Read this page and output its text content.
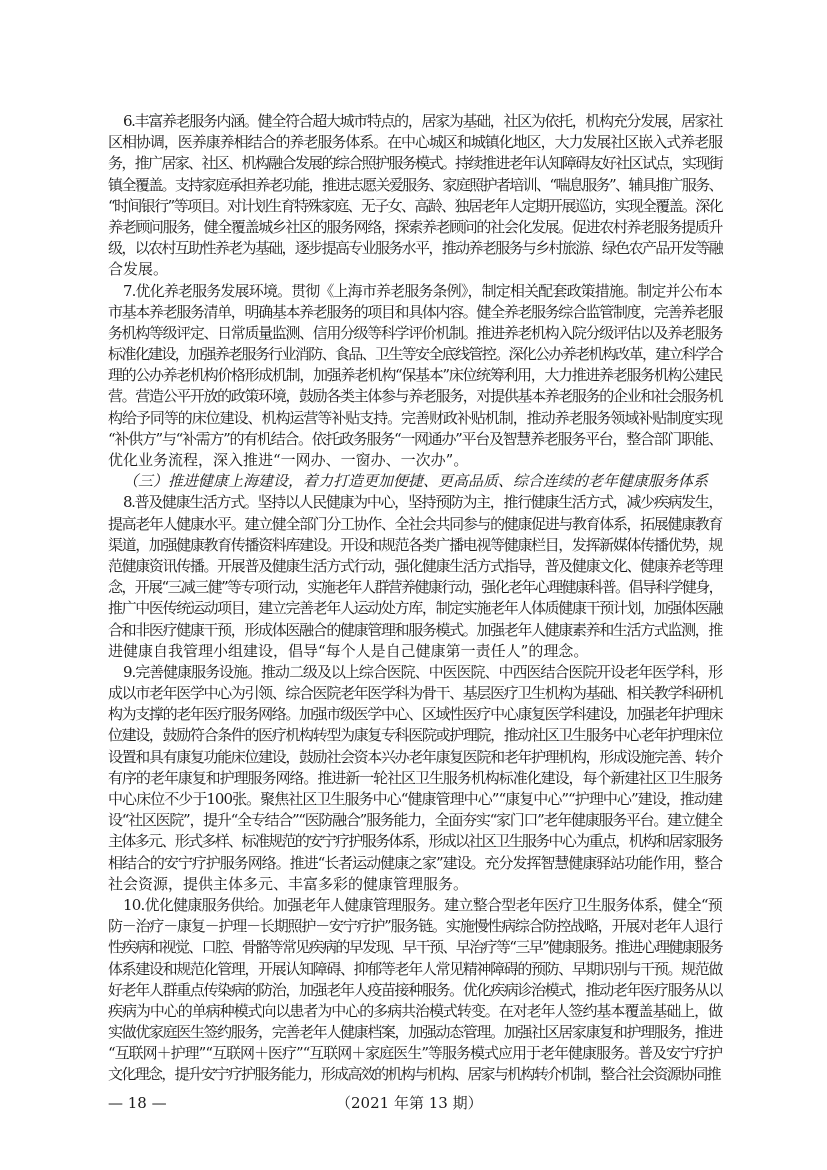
6.丰富养老服务内涵。健全符合超大城市特点的，居家为基础，社区为依托，机构充分发展，居家社
区相协调，医养康养相结合的养老服务体系。在中心城区和城镇化地区，大力发展社区嵌入式养老服
务，推广居家、社区、机构融合发展的综合照护服务模式。持续推进老年认知障碍友好社区试点，实现街
镇全覆盖。支持家庭承担养老功能，推进志愿关爱服务、家庭照护者培训、“喘息服务”、辅具推广服务、
“时间银行”等项目。对计划生育特殊家庭、无子女、高龄、独居老年人定期开展巡访，实现全覆盖。深化
养老顾问服务，健全覆盖城乡社区的服务网络，探索养老顾问的社会化发展。促进农村养老服务提质升
级，以农村互助性养老为基础，逐步提高专业服务水平，推动养老服务与乡村旅游、绿色农产品开发等融
合发展。
7.优化养老服务发展环境。贯彻《上海市养老服务条例》，制定相关配套政策措施。制定并公布本
市基本养老服务清单，明确基本养老服务的项目和具体内容。健全养老服务综合监管制度，完善养老服
务机构等级评定、日常质量监测、信用分级等科学评价机制。推进养老机构入院分级评估以及养老服务
标准化建设，加强养老服务行业消防、食品、卫生等安全底线管控。深化公办养老机构改革，建立科学合
理的公办养老机构价格形成机制，加强养老机构“保基本”床位统筹利用，大力推进养老服务机构公建民
营。营造公平开放的政策环境，鼓励各类主体参与养老服务，对提供基本养老服务的企业和社会服务机
构给予同等的床位建设、机构运营等补贴支持。完善财政补贴机制，推动养老服务领域补贴制度实现
“补供方”与“补需方”的有机结合。依托政务服务“一网通办”平台及智慧养老服务平台，整合部门职能、
优化业务流程，深入推进“一网办、一窗办、一次办”。
（三）推进健康上海建设，着力打造更加便捷、更高品质、综合连续的老年健康服务体系
8.普及健康生活方式。坚持以人民健康为中心，坚持预防为主，推行健康生活方式，减少疾病发生，
提高老年人健康水平。建立健全部门分工协作、全社会共同参与的健康促进与教育体系，拓展健康教育
渠道，加强健康教育传播资料库建设。开设和规范各类广播电视等健康栏目，发挥新媒体传播优势，规
范健康资讯传播。开展普及健康生活方式行动，强化健康生活方式指导，普及健康文化、健康养老等理
念，开展“三减三健”等专项行动，实施老年人群营养健康行动，强化老年心理健康科普。倡导科学健身，
推广中医传统运动项目，建立完善老年人运动处方库，制定实施老年人体质健康干预计划，加强体医融
合和非医疗健康干预，形成体医融合的健康管理和服务模式。加强老年人健康素养和生活方式监测，推
进健康自我管理小组建设，倡导“每个人是自己健康第一责任人”的理念。
9.完善健康服务设施。推动二级及以上综合医院、中医医院、中西医结合医院开设老年医学科，形
成以市老年医学中心为引领、综合医院老年医学科为骨干、基层医疗卫生机构为基础、相关教学科研机
构为支撑的老年医疗服务网络。加强市级医学中心、区域性医疗中心康复医学科建设，加强老年护理床
位建设，鼓励符合条件的医疗机构转型为康复专科医院或护理院，推动社区卫生服务中心老年护理床位
设置和具有康复功能床位建设，鼓励社会资本兴办老年康复医院和老年护理机构，形成设施完善、转介
有序的老年康复和护理服务网络。推进新一轮社区卫生服务机构标准化建设，每个新建社区卫生服务
中心床位不少于100张。聚焦社区卫生服务中心“健康管理中心”“康复中心”“护理中心”建设，推动建
设“社区医院”，提升“全专结合”“医防融合”服务能力，全面夯实“家门口”老年健康服务平台。建立健全
主体多元、形式多样、标准规范的安宁疗护服务体系，形成以社区卫生服务中心为重点，机构和居家服务
相结合的安宁疗护服务网络。推进“长者运动健康之家”建设。充分发挥智慧健康驿站功能作用，整合
社会资源，提供主体多元、丰富多彩的健康管理服务。
10.优化健康服务供给。加强老年人健康管理服务。建立整合型老年医疗卫生服务体系，健全“预
防－治疗－康复－护理－长期照护－安宁疗护”服务链。实施慢性病综合防控战略，开展对老年人退行
性疾病和视觉、口腔、骨骼等常见疾病的早发现、早干预、早治疗等“三早”健康服务。推进心理健康服务
体系建设和规范化管理，开展认知障碍、抑郁等老年人常见精神障碍的预防、早期识别与干预。规范做
好老年人群重点传染病的防治，加强老年人疫苗接种服务。优化疾病诊治模式，推动老年医疗服务从以
疾病为中心的单病种模式向以患者为中心的多病共治模式转变。在对老年人签约基本覆盖基础上，做
实做优家庭医生签约服务，完善老年人健康档案，加强动态管理。加强社区居家康复和护理服务，推进
“互联网＋护理”“互联网＋医疗”“互联网＋家庭医生”等服务模式应用于老年健康服务。普及安宁疗护
文化理念，提升安宁疗护服务能力，形成高效的机构与机构、居家与机构转介机制，整合社会资源协同推
— 18 —	（2021 年第 13 期）
